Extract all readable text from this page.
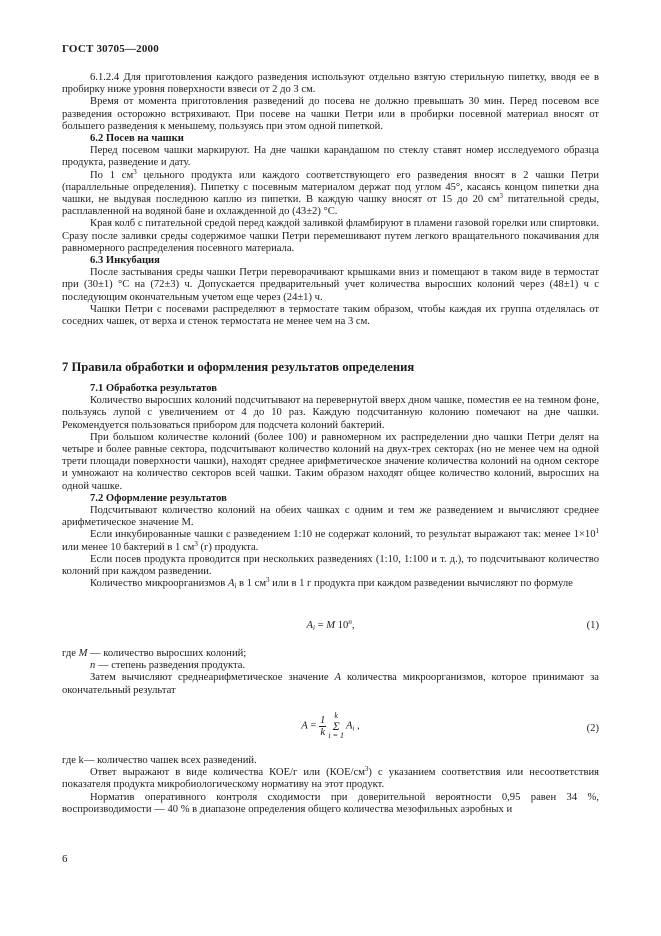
ГОСТ 30705—2000

6.1.2.4 Для приготовления каждого разведения используют отдельно взятую стерильную пипетку, вводя ее в пробирку ниже уровня поверхности взвеси от 2 до 3 см.

Время от момента приготовления разведений до посева не должно превышать 30 мин. Перед посевом все разведения осторожно встряхивают. При посеве на чашки Петри или в пробирки посевной материал вносят от большего разведения к меньшему, пользуясь при этом одной пипеткой.

6.2 Посев на чашки

Перед посевом чашки маркируют. На дне чашки карандашом по стеклу ставят номер исследуемого образца продукта, разведение и дату.

По 1 $см^3$ цельного продукта или каждого соответствующего его разведения вносят в 2 чашки Петри (параллельные определения). Пипетку с посевным материалом держат под углом 45°, касаясь концом пипетки дна чашки, не выдувая последнюю каплю из пипетки. В каждую чашку вносят от 15 до 20 $см^3$ питательной среды, расплавленной на водяной бане и охлажденной до (43±2) °С.

Края колб с питательной средой перед каждой заливкой фламбируют в пламени газовой горелки или спиртовки. Сразу после заливки среды содержимое чашки Петри перемешивают путем легкого вращательного покачивания для равномерного распределения посевного материала.

6.3 Инкубация

После застывания среды чашки Петри переворачивают крышками вниз и помещают в таком виде в термостат при (30±1) °С на (72±3) ч. Допускается предварительный учет количества выросших колоний через (48±1) ч с последующим окончательным учетом еще через (24±1) ч.

Чашки Петри с посевами распределяют в термостате таким образом, чтобы каждая их группа отделялась от соседних чашек, от верха и стенок термостата не менее чем на 3 см.

7 Правила обработки и оформления результатов определения

7.1 Обработка результатов

Количество выросших колоний подсчитывают на перевернутой вверх дном чашке, поместив ее на темном фоне, пользуясь лупой с увеличением от 4 до 10 раз. Каждую подсчитанную колонию помечают на дне чашки. Рекомендуется пользоваться прибором для подсчета колоний бактерий.

При большом количестве колоний (более 100) и равномерном их распределении дно чашки Петри делят на четыре и более равные сектора, подсчитывают количество колоний на двух-трех секторах (но не менее чем на одной трети площади поверхности чашки), находят среднее арифметическое значение количества колоний на одном секторе и умножают на количество секторов всей чашки. Таким образом находят общее количество колоний, выросших на одной чашке.

7.2 Оформление результатов

Подсчитывают количество колоний на обеих чашках с одним и тем же разведением и вычисляют среднее арифметическое значение М.

Если инкубированные чашки с разведением 1:10 не содержат колоний, то результат выражают так: менее $1\times 10^1$ или менее 10 бактерий в 1 $см^3$ (г) продукта.

Если посев продукта проводится при нескольких разведениях (1:10, 1:100 и т. д.), то подсчитывают количество колоний при каждом разведении.

Количество микроорганизмов $A_i$ в 1 $см^3$ или в 1 г продукта при каждом разведении вычисляют по формуле

$A_i = M$ 10$^n$,	(1)

где М — количество выросших колоний;

n — степень разведения продукта.

Затем вычисляют среднеарифметическое значение А количества микроорганизмов, которое принимают за окончательный результат

$A = \frac{1}{k}$ k
Σ
$i = 1A_i$ ,	(2)

где k— количество чашек всех разведений.

Ответ выражают в виде количества КОЕ/г или $(КОЕ/см^3)$ с указанием соответствия или несоответствия показателя продукта микробиологическому нормативу на этот продукт.

Норматив оперативного контроля сходимости при доверительной вероятности 0,95 равен 34 %, воспроизводимости — 40 % в диапазоне определения общего количества мезофильных аэробных и

6
